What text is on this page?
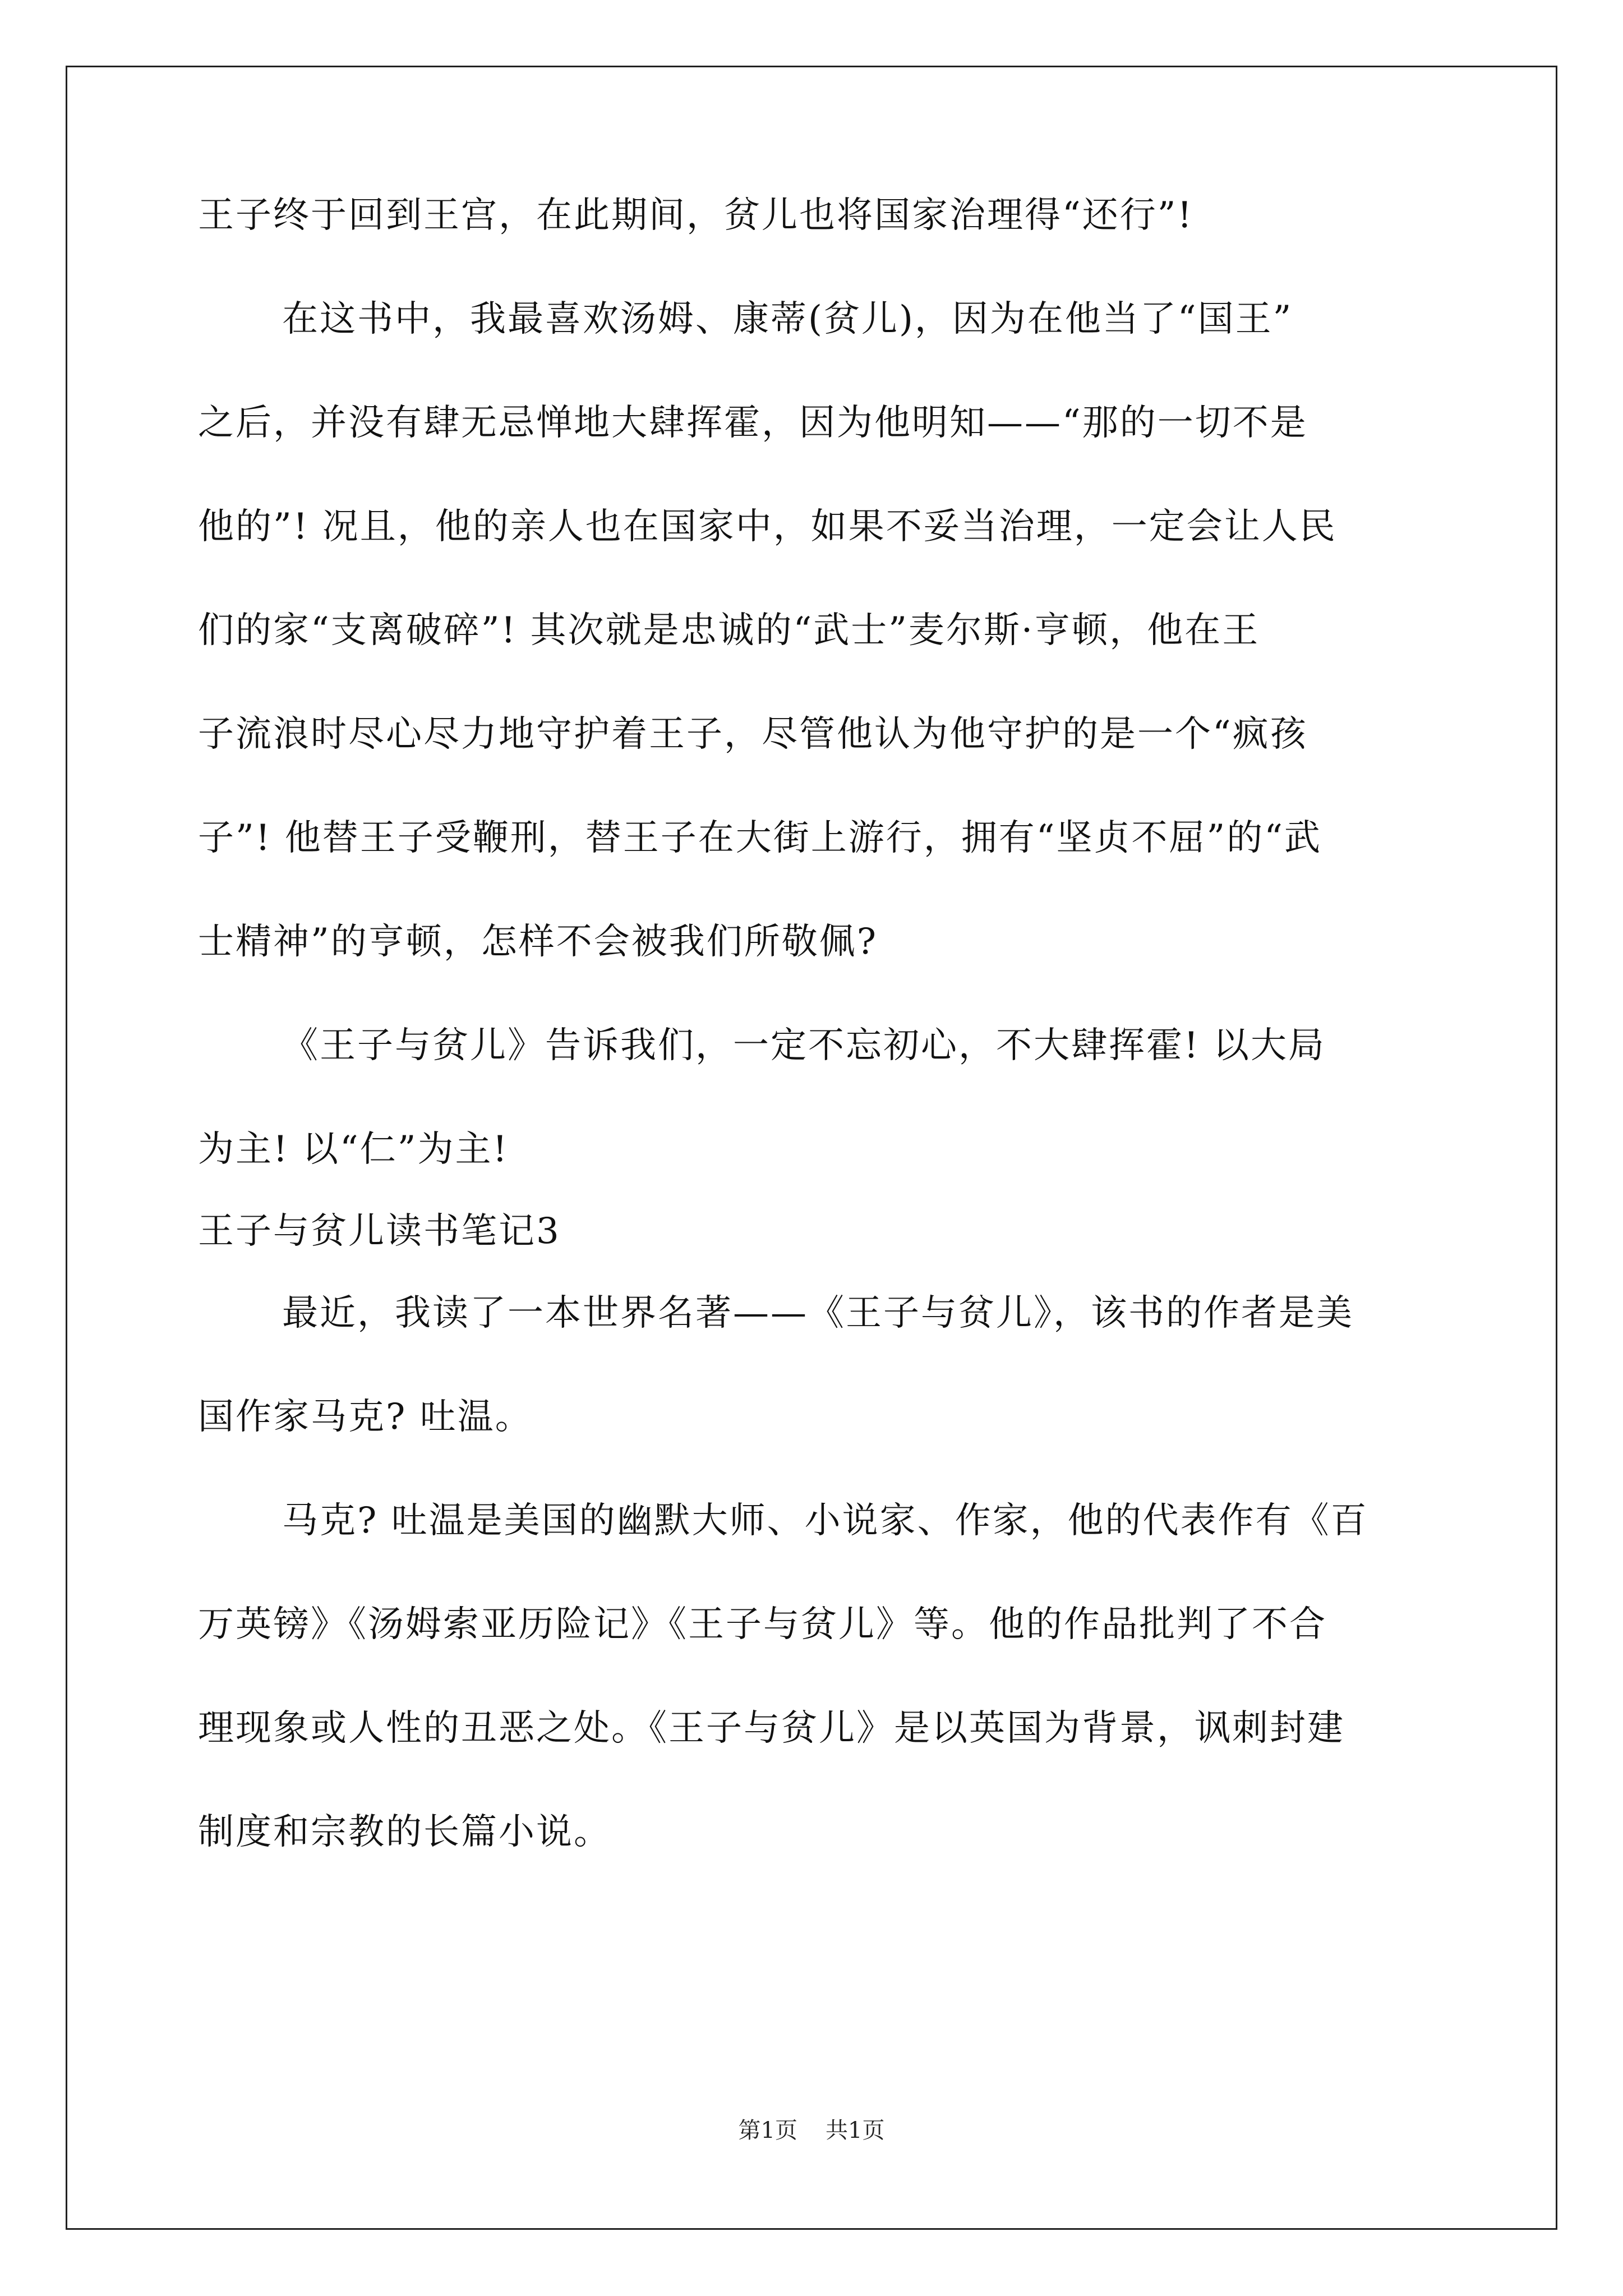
王子终于回到王宫，在此期间，贫儿也将国家治理得“还行”!

在这书中，我最喜欢汤姆、康蒂(贫儿)，因为在他当了“国王”

之后，并没有肆无忌惮地大肆挥霍，因为他明知——“那的一切不是

他的”! 况且，他的亲人也在国家中，如果不妥当治理，一定会让人民

们的家“支离破碎”! 其次就是忠诚的“武士”麦尔斯·亨顿，他在王

子流浪时尽心尽力地守护着王子，尽管他认为他守护的是一个“疯孩

子”! 他替王子受鞭刑，替王子在大街上游行，拥有“坚贞不屈”的“武

士精神”的亨顿，怎样不会被我们所敬佩?

《王子与贫儿》告诉我们，一定不忘初心，不大肆挥霍! 以大局

为主! 以“仁”为主!

王子与贫儿读书笔记3

最近，我读了一本世界名著——《王子与贫儿》，该书的作者是美

国作家马克? 吐温。

马克? 吐温是美国的幽默大师、小说家、作家，他的代表作有《百

万英镑》《汤姆索亚历险记》《王子与贫儿》等。他的作品批判了不合

理现象或人性的丑恶之处。《王子与贫儿》是以英国为背景，讽刺封建

制度和宗教的长篇小说。

第1页 共1页
